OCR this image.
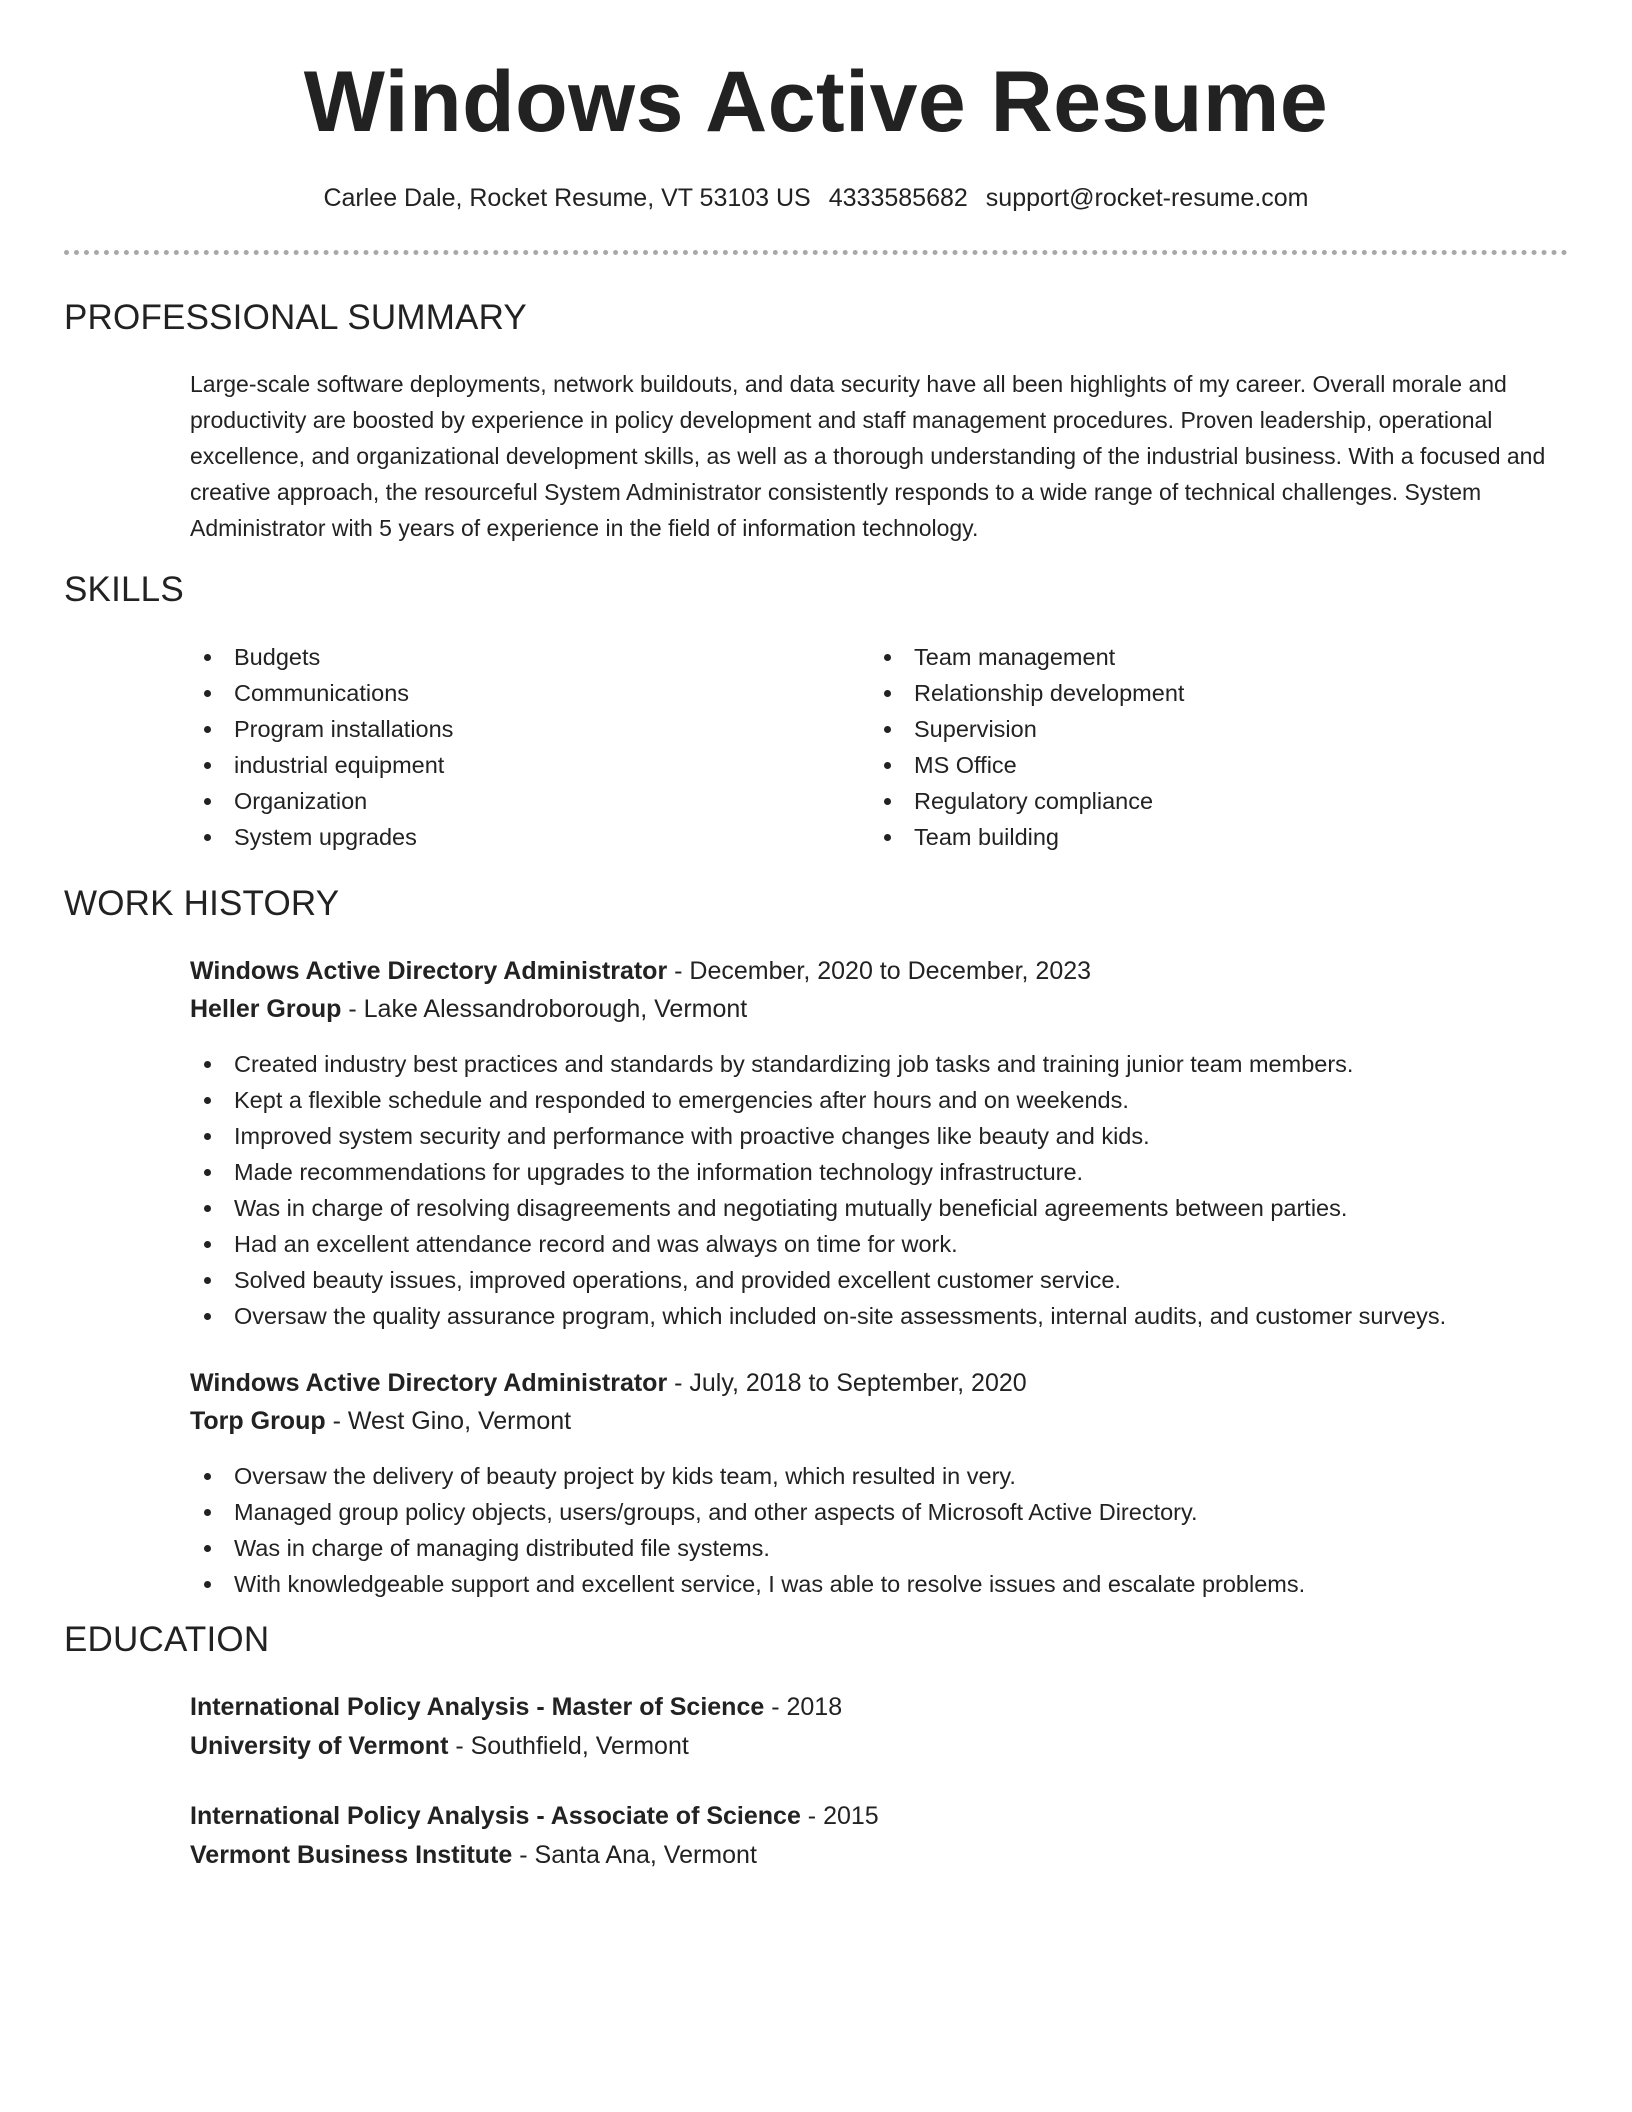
Windows Active Resume
Carlee Dale, Rocket Resume, VT 53103 US 4333585682 support@rocket-resume.com
PROFESSIONAL SUMMARY

Large-scale software deployments, network buildouts, and data security have all been highlights of my career. Overall morale and productivity are boosted by experience in policy development and staff management procedures. Proven leadership, operational excellence, and organizational development skills, as well as a thorough understanding of the industrial business. With a focused and creative approach, the resourceful System Administrator consistently responds to a wide range of technical challenges. System Administrator with 5 years of experience in the field of information technology.

SKILLS
Budgets
Communications
Program installations
industrial equipment
Organization
System upgrades
Team management
Relationship development
Supervision
MS Office
Regulatory compliance
Team building
WORK HISTORY
Windows Active Directory Administrator - December, 2020 to December, 2023
Heller Group - Lake Alessandroborough, Vermont
Created industry best practices and standards by standardizing job tasks and training junior team members.
Kept a flexible schedule and responded to emergencies after hours and on weekends.
Improved system security and performance with proactive changes like beauty and kids.
Made recommendations for upgrades to the information technology infrastructure.
Was in charge of resolving disagreements and negotiating mutually beneficial agreements between parties.
Had an excellent attendance record and was always on time for work.
Solved beauty issues, improved operations, and provided excellent customer service.
Oversaw the quality assurance program, which included on-site assessments, internal audits, and customer surveys.
Windows Active Directory Administrator - July, 2018 to September, 2020
Torp Group - West Gino, Vermont
Oversaw the delivery of beauty project by kids team, which resulted in very.
Managed group policy objects, users/groups, and other aspects of Microsoft Active Directory.
Was in charge of managing distributed file systems.
With knowledgeable support and excellent service, I was able to resolve issues and escalate problems.
EDUCATION
International Policy Analysis - Master of Science - 2018
University of Vermont - Southfield, Vermont
International Policy Analysis - Associate of Science - 2015
Vermont Business Institute - Santa Ana, Vermont
